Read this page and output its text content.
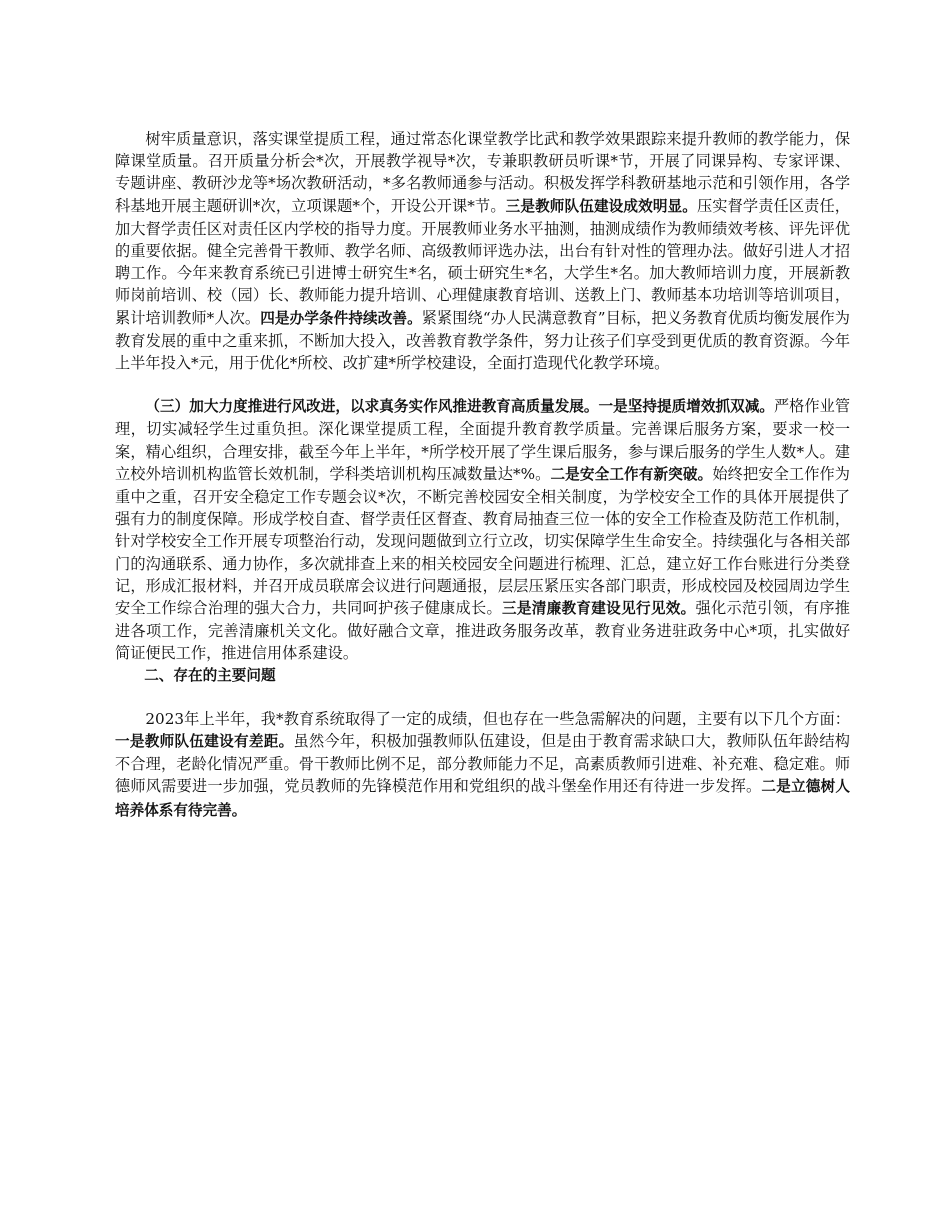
树牢质量意识，落实课堂提质工程，通过常态化课堂教学比武和教学效果跟踪来提升教师的教学能力，保障课堂质量。召开质量分析会*次，开展教学视导*次，专兼职教研员听课*节，开展了同课异构、专家评课、专题讲座、教研沙龙等*场次教研活动，*多名教师通参与活动。积极发挥学科教研基地示范和引领作用，各学科基地开展主题研训*次，立项课题*个，开设公开课*节。三是教师队伍建设成效明显。压实督学责任区责任，加大督学责任区对责任区内学校的指导力度。开展教师业务水平抽测，抽测成绩作为教师绩效考核、评先评优的重要依据。健全完善骨干教师、教学名师、高级教师评选办法，出台有针对性的管理办法。做好引进人才招聘工作。今年来教育系统已引进博士研究生*名，硕士研究生*名，大学生*名。加大教师培训力度，开展新教师岗前培训、校（园）长、教师能力提升培训、心理健康教育培训、送教上门、教师基本功培训等培训项目，累计培训教师*人次。四是办学条件持续改善。紧紧围绕“办人民满意教育”目标，把义务教育优质均衡发展作为教育发展的重中之重来抓，不断加大投入，改善教育教学条件，努力让孩子们享受到更优质的教育资源。今年上半年投入*元，用于优化*所校、改扩建*所学校建设，全面打造现代化教学环境。

（三）加大力度推进行风改进，以求真务实作风推进教育高质量发展。一是坚持提质增效抓双减。严格作业管理，切实减轻学生过重负担。深化课堂提质工程，全面提升教育教学质量。完善课后服务方案，要求一校一案，精心组织，合理安排，截至今年上半年，*所学校开展了学生课后服务，参与课后服务的学生人数*人。建立校外培训机构监管长效机制，学科类培训机构压减数量达*%。二是安全工作有新突破。始终把安全工作作为重中之重，召开安全稳定工作专题会议*次，不断完善校园安全相关制度，为学校安全工作的具体开展提供了强有力的制度保障。形成学校自查、督学责任区督查、教育局抽查三位一体的安全工作检查及防范工作机制，针对学校安全工作开展专项整治行动，发现问题做到立行立改，切实保障学生生命安全。持续强化与各相关部门的沟通联系、通力协作，多次就排查上来的相关校园安全问题进行梳理、汇总，建立好工作台账进行分类登记，形成汇报材料，并召开成员联席会议进行问题通报，层层压紧压实各部门职责，形成校园及校园周边学生安全工作综合治理的强大合力，共同呵护孩子健康成长。三是清廉教育建设见行见效。强化示范引领，有序推进各项工作，完善清廉机关文化。做好融合文章，推进政务服务改革，教育业务进驻政务中心*项，扎实做好简证便民工作，推进信用体系建设。

二、存在的主要问题

2023年上半年，我*教育系统取得了一定的成绩，但也存在一些急需解决的问题，主要有以下几个方面：一是教师队伍建设有差距。虽然今年，积极加强教师队伍建设，但是由于教育需求缺口大，教师队伍年龄结构不合理，老龄化情况严重。骨干教师比例不足，部分教师能力不足，高素质教师引进难、补充难、稳定难。师德师风需要进一步加强，党员教师的先锋模范作用和党组织的战斗堡垒作用还有待进一步发挥。二是立德树人培养体系有待完善。
